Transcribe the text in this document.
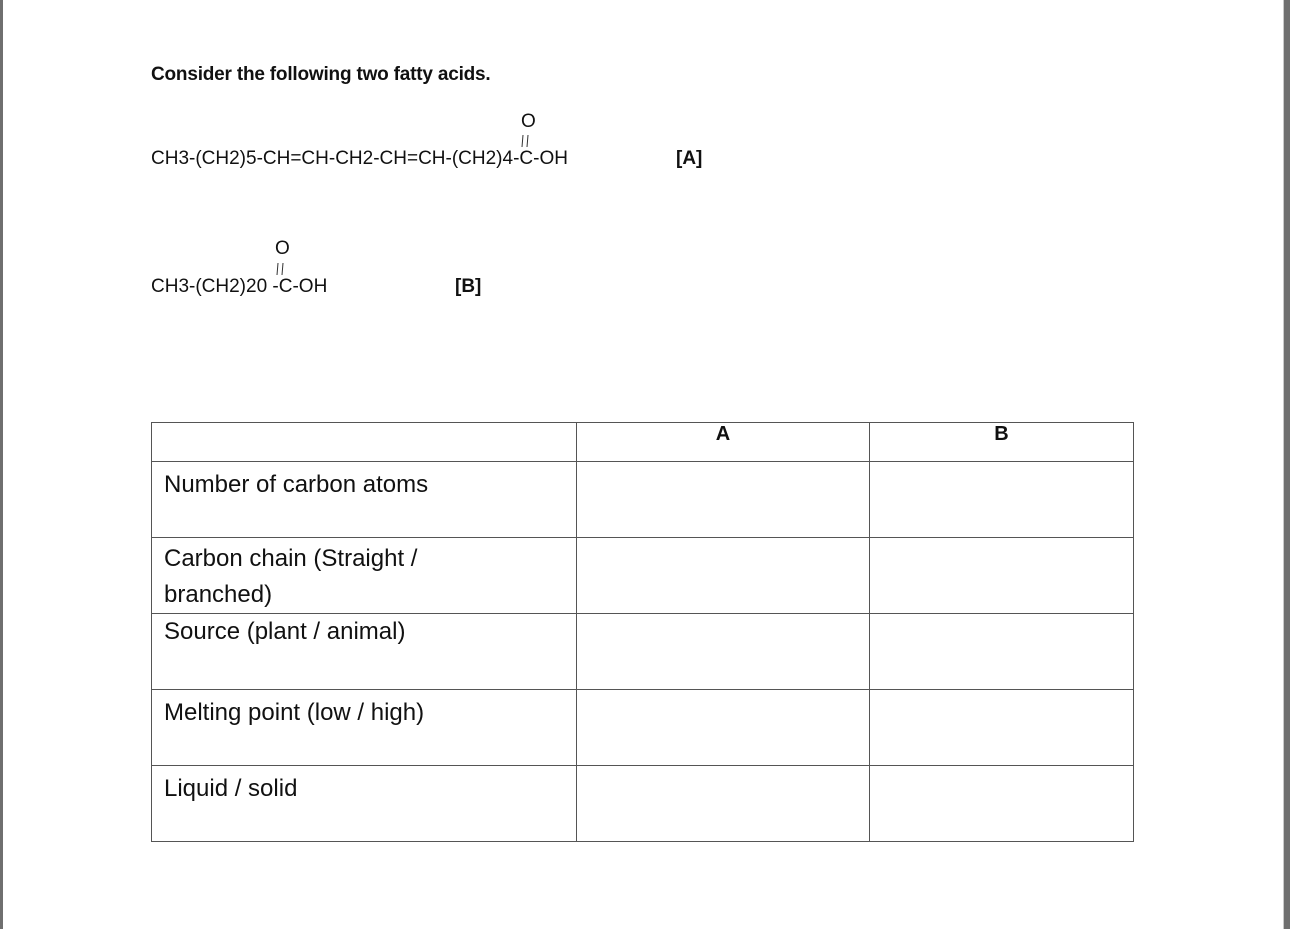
Consider the following two fatty acids.
O
CH3-(CH2)5-CH=CH-CH2-CH=CH-(CH2)4-C-OH	[A]
O
CH3-(CH2)20 -C-OH	[B]
	A	B

Number of carbon atoms		

Carbon chain (Straight / branched)		

Source (plant / animal)		

Melting point (low / high)		

Liquid / solid		
